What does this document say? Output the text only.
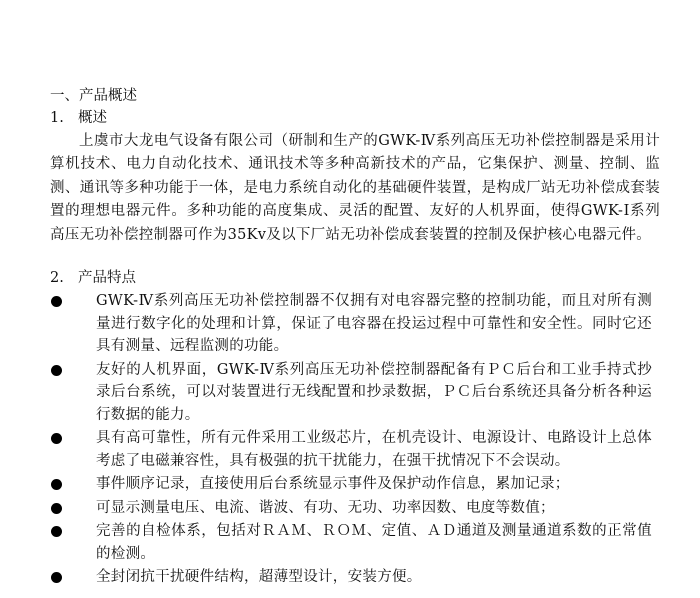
一、产品概述
1. 概述
上虞市大龙电气设备有限公司（研制和生产的GWK-Ⅳ系列高压无功补偿控制器是采用计算机技术、电力自动化技术、通讯技术等多种高新技术的产品，它集保护、测量、控制、监测、通讯等多种功能于一体，是电力系统自动化的基础硬件装置，是构成厂站无功补偿成套装置的理想电器元件。多种功能的高度集成、灵活的配置、友好的人机界面，使得GWK-Ⅰ系列高压无功补偿控制器可作为35Kv及以下厂站无功补偿成套装置的控制及保护核心电器元件。
2. 产品特点
GWK-Ⅳ系列高压无功补偿控制器不仅拥有对电容器完整的控制功能，而且对所有测量进行数字化的处理和计算，保证了电容器在投运过程中可靠性和安全性。同时它还具有测量、远程监测的功能。
友好的人机界面，GWK-Ⅳ系列高压无功补偿控制器配备有ＰＣ后台和工业手持式抄录后台系统，可以对装置进行无线配置和抄录数据，ＰＣ后台系统还具备分析各种运行数据的能力。
具有高可靠性，所有元件采用工业级芯片，在机壳设计、电源设计、电路设计上总体考虑了电磁兼容性，具有极强的抗干扰能力，在强干扰情况下不会误动。
事件顺序记录，直接使用后台系统显示事件及保护动作信息，累加记录；
可显示测量电压、电流、谐波、有功、无功、功率因数、电度等数值；
完善的自检体系，包括对ＲＡＭ、ＲＯＭ、定值、ＡＤ通道及测量通道系数的正常值的检测。
全封闭抗干扰硬件结构，超薄型设计，安装方便。
